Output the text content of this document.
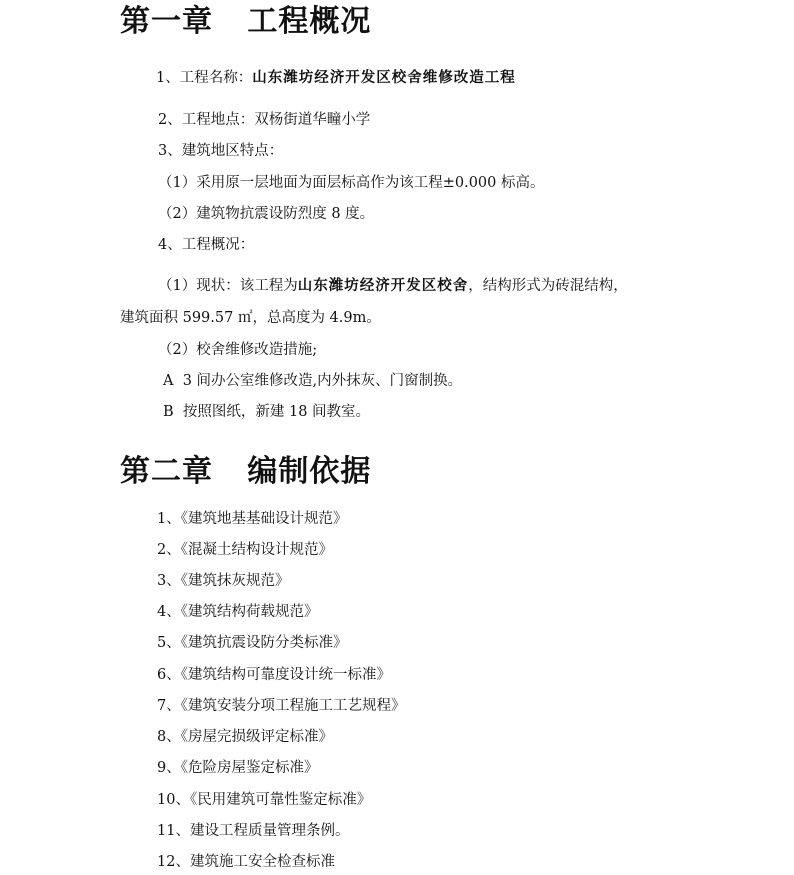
第一章   工程概况
1、工程名称：山东潍坊经济开发区校舍维修改造工程
2、工程地点：双杨街道华疃小学
3、建筑地区特点：
（1）采用原一层地面为面层标高作为该工程±0.000 标高。
（2）建筑物抗震设防烈度 8 度。
4、工程概况：
（1）现状：该工程为山东潍坊经济开发区校舍，结构形式为砖混结构，
建筑面积 599.57 ㎡，总高度为 4.9m。
（2）校舍维修改造措施;
A  3 间办公室维修改造,内外抹灰、门窗制换。
B  按照图纸，新建 18 间教室。
第二章   编制依据
1、《建筑地基基础设计规范》
2、《混凝土结构设计规范》
3、《建筑抹灰规范》
4、《建筑结构荷载规范》
5、《建筑抗震设防分类标准》
6、《建筑结构可靠度设计统一标准》
7、《建筑安装分项工程施工工艺规程》
8、《房屋完损级评定标准》
9、《危险房屋鉴定标准》
10、《民用建筑可靠性鉴定标准》
11、建设工程质量管理条例。
12、建筑施工安全检查标准
